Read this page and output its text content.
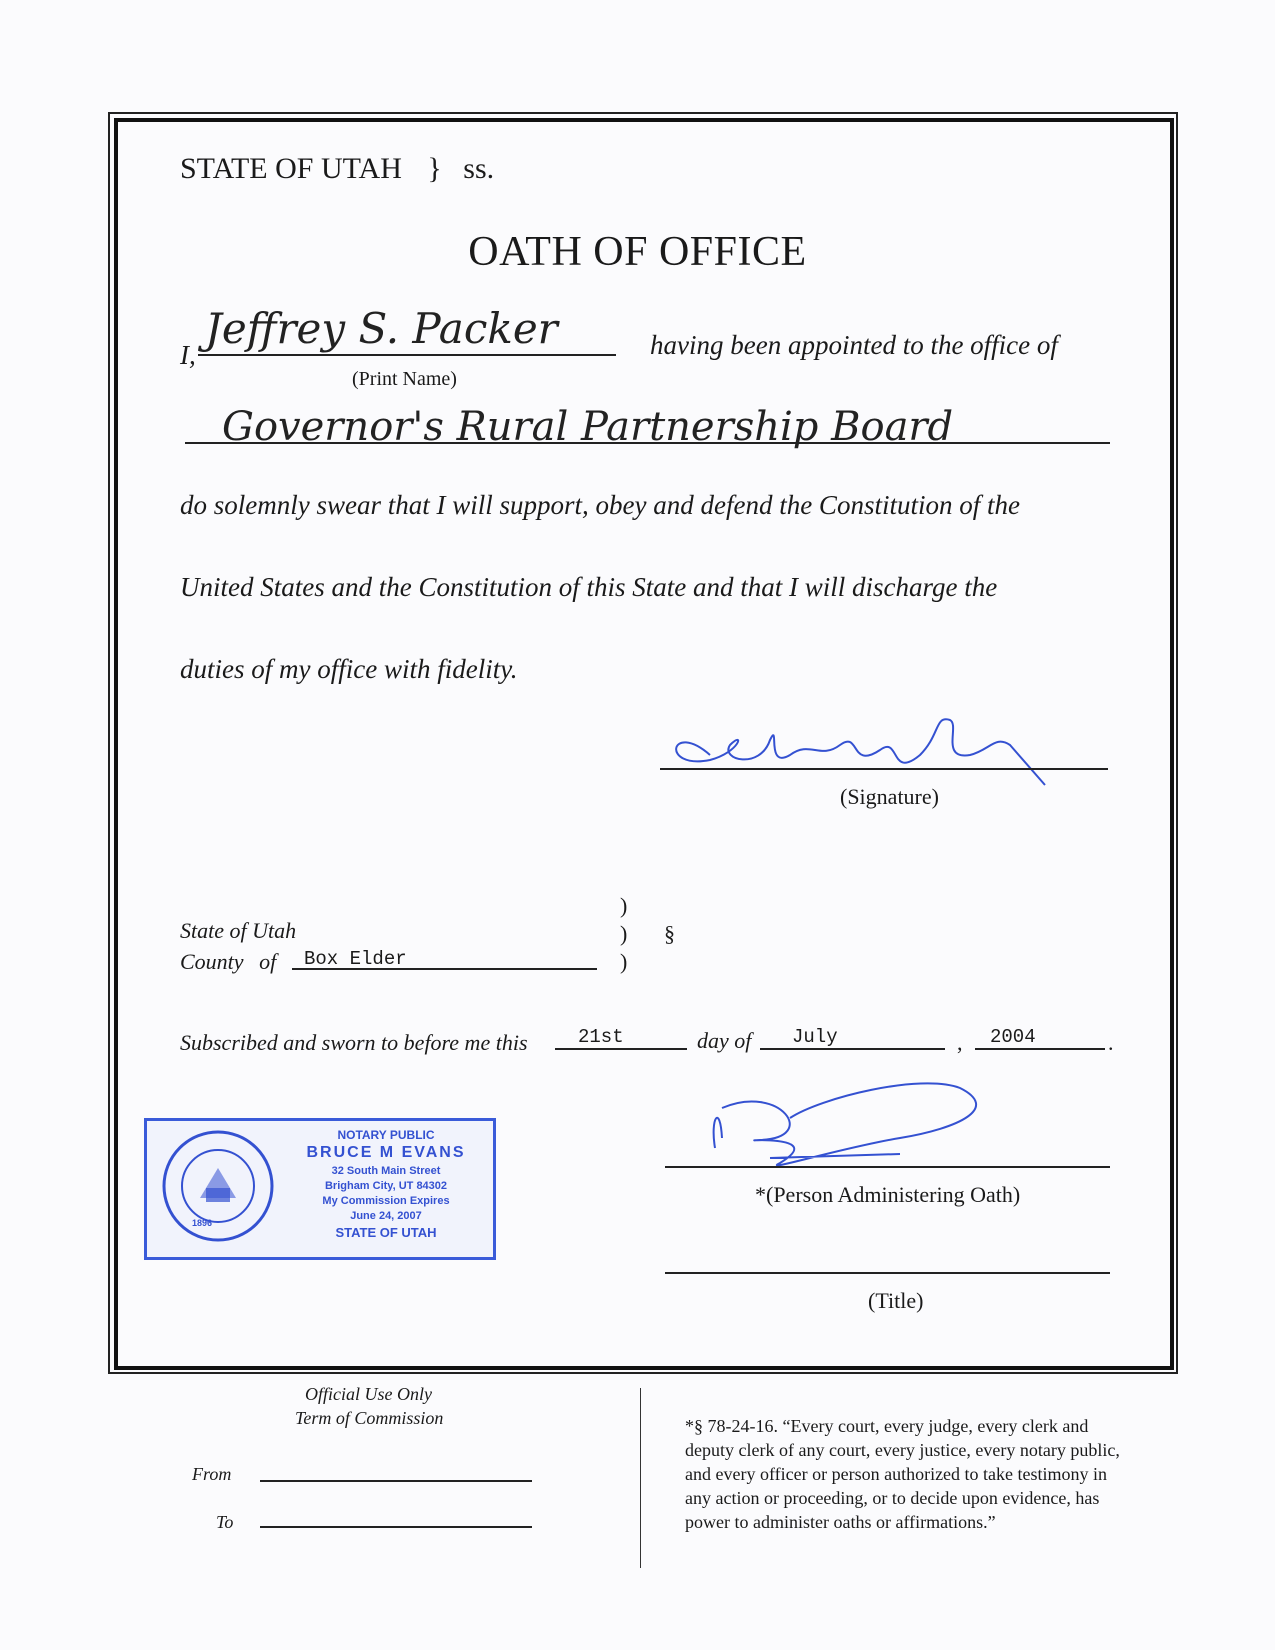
STATE OF UTAH } ss.
OATH OF OFFICE
I,
Jeffrey S. Packer
(Print Name)
having been appointed to the office of
Governor's Rural Partnership Board
do solemnly swear that I will support, obey and defend the Constitution of the
United States and the Constitution of this State and that I will discharge the
duties of my office with fidelity.
(Signature)
State of Utah
County of Box Elder
)
)
)
§
Subscribed and sworn to before me this	21st	day of July	, 2004	.
1896
NOTARY PUBLIC
BRUCE M EVANS
32 South Main Street
Brigham City, UT 84302
My Commission Expires
June 24, 2007
STATE OF UTAH
*(Person Administering Oath)
(Title)
Official Use Only
Term of Commission
From
To
*§ 78-24-16. “Every court, every judge, every clerk and
deputy clerk of any court, every justice, every notary public,
and every officer or person authorized to take testimony in
any action or proceeding, or to decide upon evidence, has
power to administer oaths or affirmations.”
